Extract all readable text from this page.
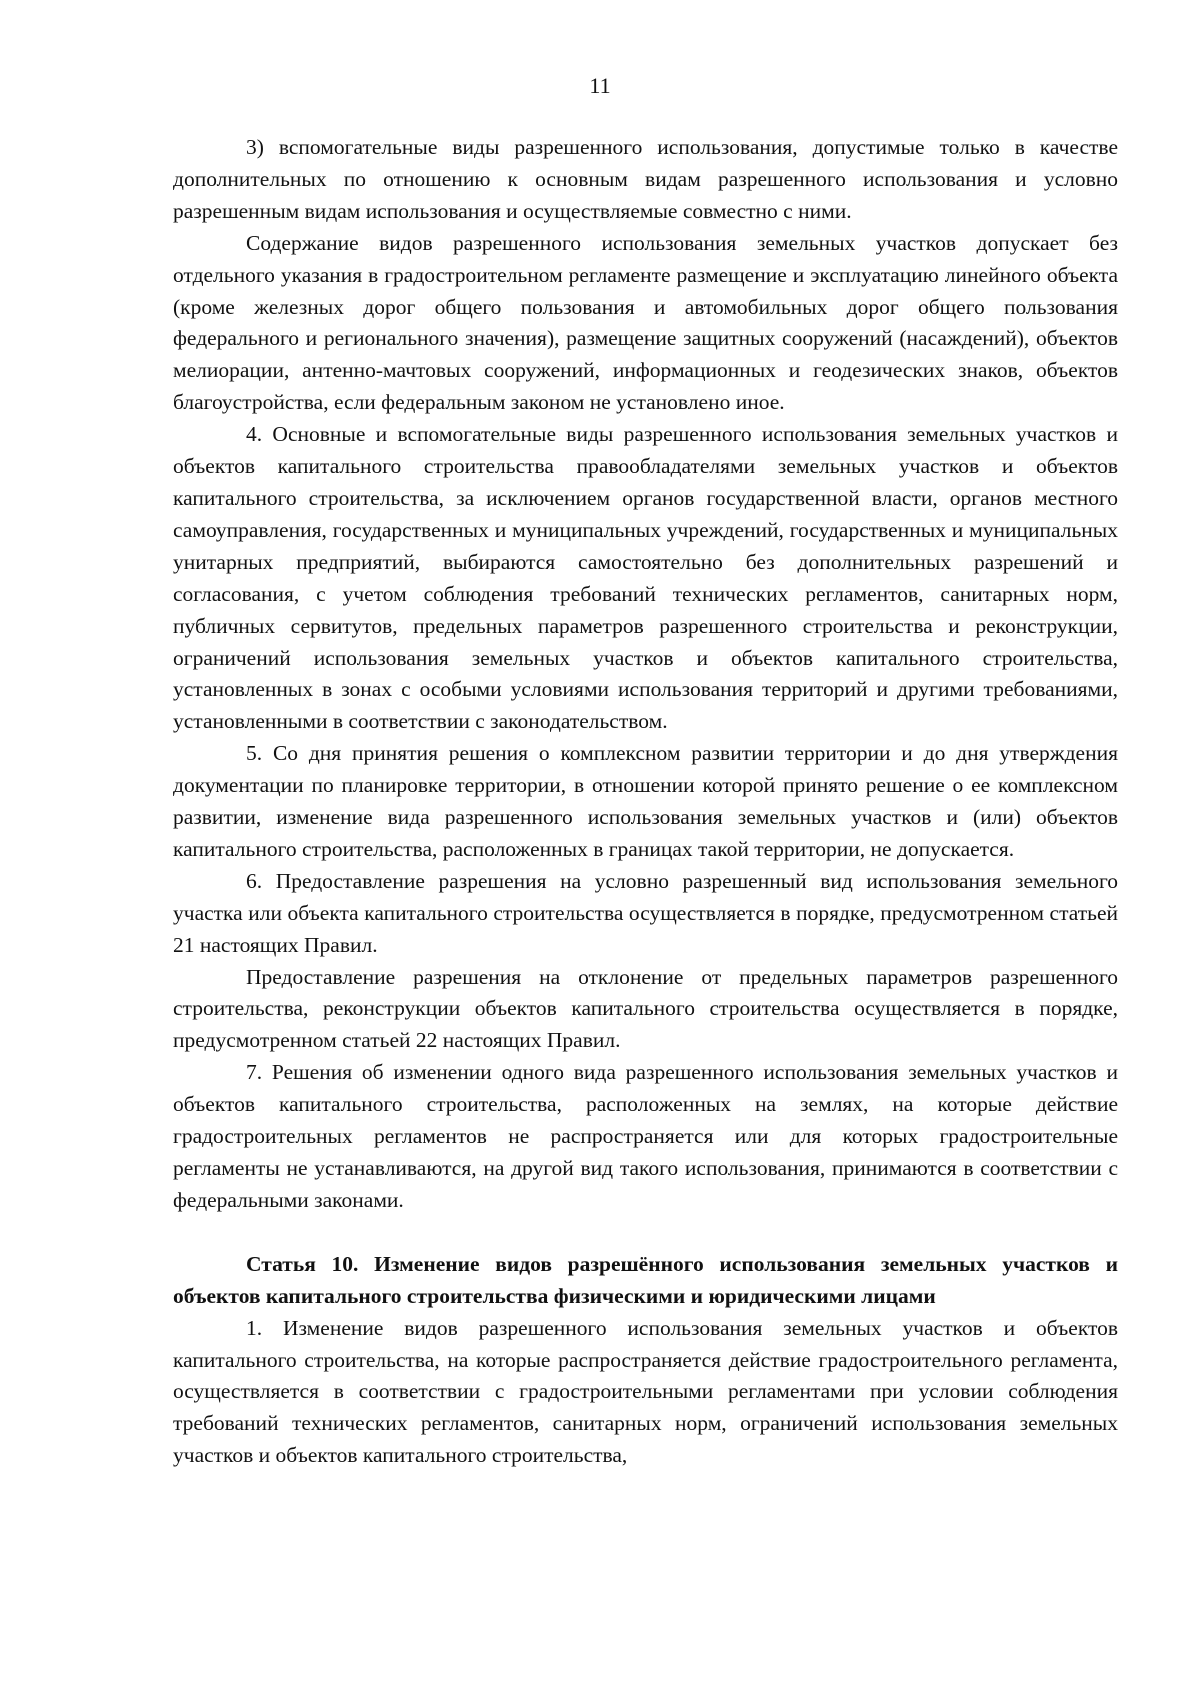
11

3) вспомогательные виды разрешенного использования, допустимые только в качестве дополнительных по отношению к основным видам разрешенного использования и условно разрешенным видам использования и осуществляемые совместно с ними.

Содержание видов разрешенного использования земельных участков допускает без отдельного указания в градостроительном регламенте размещение и эксплуатацию линейного объекта (кроме железных дорог общего пользования и автомобильных дорог общего пользования федерального и регионального значения), размещение защитных сооружений (насаждений), объектов мелиорации, антенно-мачтовых сооружений, информационных и геодезических знаков, объектов благоустройства, если федеральным законом не установлено иное.

4. Основные и вспомогательные виды разрешенного использования земельных участков и объектов капитального строительства правообладателями земельных участков и объектов капитального строительства, за исключением органов государственной власти, органов местного самоуправления, государственных и муниципальных учреждений, государственных и муниципальных унитарных предприятий, выбираются самостоятельно без дополнительных разрешений и согласования, с учетом соблюдения требований технических регламентов, санитарных норм, публичных сервитутов, предельных параметров разрешенного строительства и реконструкции, ограничений использования земельных участков и объектов капитального строительства, установленных в зонах с особыми условиями использования территорий и другими требованиями, установленными в соответствии с законодательством.

5. Со дня принятия решения о комплексном развитии территории и до дня утверждения документации по планировке территории, в отношении которой принято решение о ее комплексном развитии, изменение вида разрешенного использования земельных участков и (или) объектов капитального строительства, расположенных в границах такой территории, не допускается.

6. Предоставление разрешения на условно разрешенный вид использования земельного участка или объекта капитального строительства осуществляется в порядке, предусмотренном статьей 21 настоящих Правил.

Предоставление разрешения на отклонение от предельных параметров разрешенного строительства, реконструкции объектов капитального строительства осуществляется в порядке, предусмотренном статьей 22 настоящих Правил.

7. Решения об изменении одного вида разрешенного использования земельных участков и объектов капитального строительства, расположенных на землях, на которые действие градостроительных регламентов не распространяется или для которых градостроительные регламенты не устанавливаются, на другой вид такого использования, принимаются в соответствии с федеральными законами.

Статья 10. Изменение видов разрешённого использования земельных участков и объектов капитального строительства физическими и юридическими лицами

1. Изменение видов разрешенного использования земельных участков и объектов капитального строительства, на которые распространяется действие градостроительного регламента, осуществляется в соответствии с градостроительными регламентами при условии соблюдения требований технических регламентов, санитарных норм, ограничений использования земельных участков и объектов капитального строительства,
